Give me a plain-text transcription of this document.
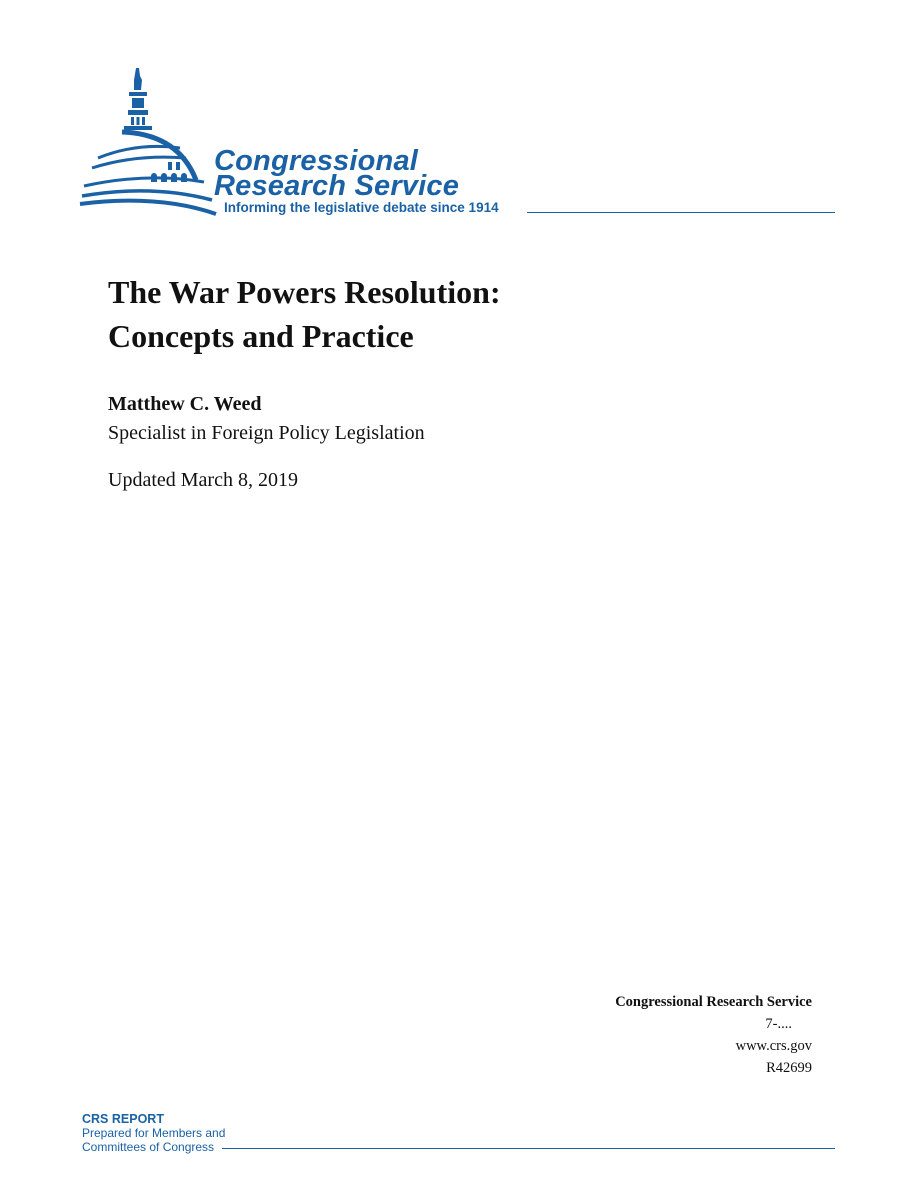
Congressional
Research Service
Informing the legislative debate since 1914
The War Powers Resolution:
Concepts and Practice
Matthew C. Weed
Specialist in Foreign Policy Legislation
Updated March 8, 2019
Congressional Research Service
7-....
www.crs.gov
R42699
CRS REPORT
Prepared for Members and
Committees of Congress
